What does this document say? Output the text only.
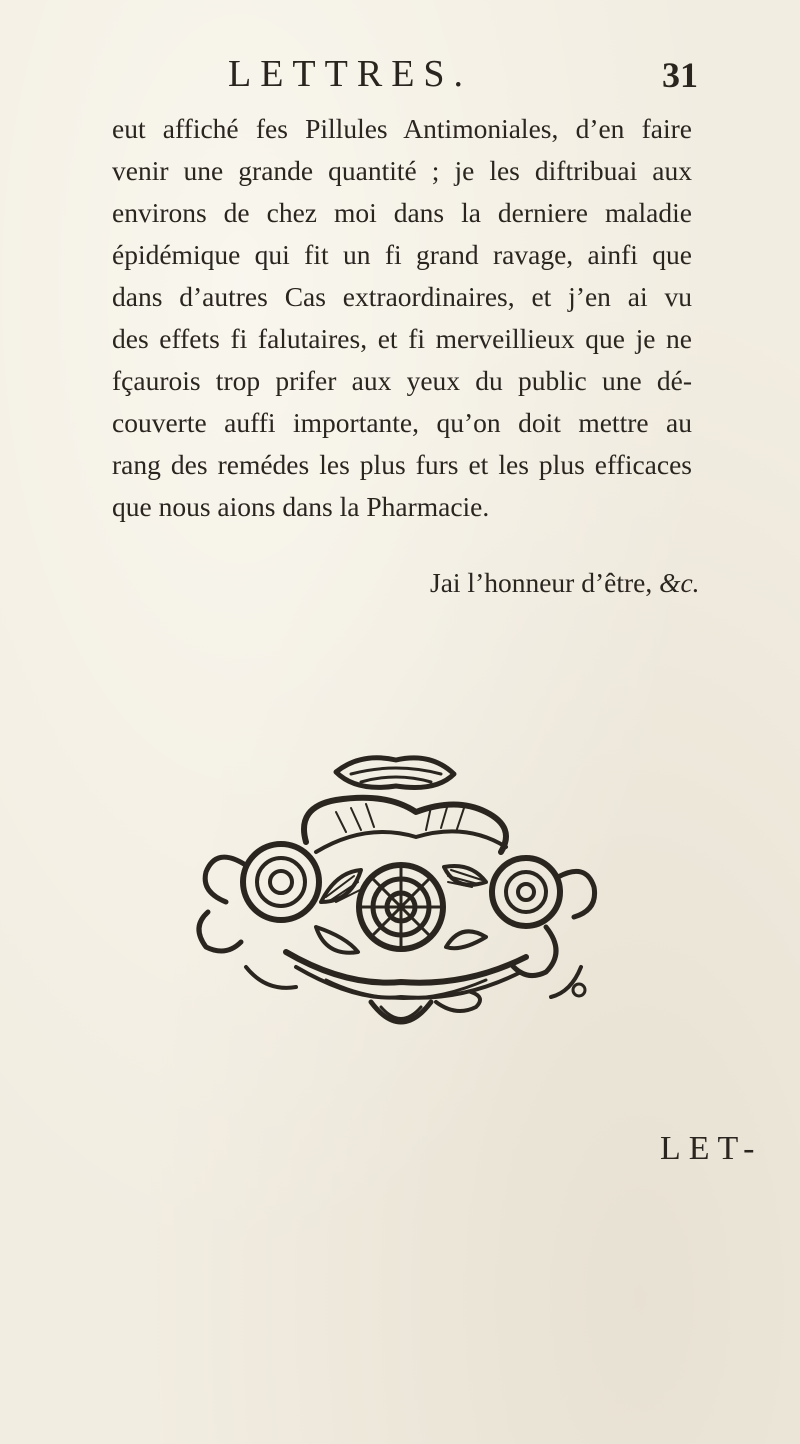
LETTRES.	31
eut affiché fes Pillules Antimoniales, d’en faire
venir une grande quantité ; je les diftribuai aux
environs de chez moi dans la derniere maladie
épidémique qui fit un fi grand ravage, ainfi que
dans d’autres Cas extraordinaires, et j’en ai vu
des effets fi falutaires, et fi merveillieux que je ne
fçaurois trop prifer aux yeux du public une dé-
couverte auffi importante, qu’on doit mettre au
rang des remédes les plus furs et les plus efficaces
que nous aions dans la Pharmacie.
Jai l’honneur d’être, &c.
LET-
